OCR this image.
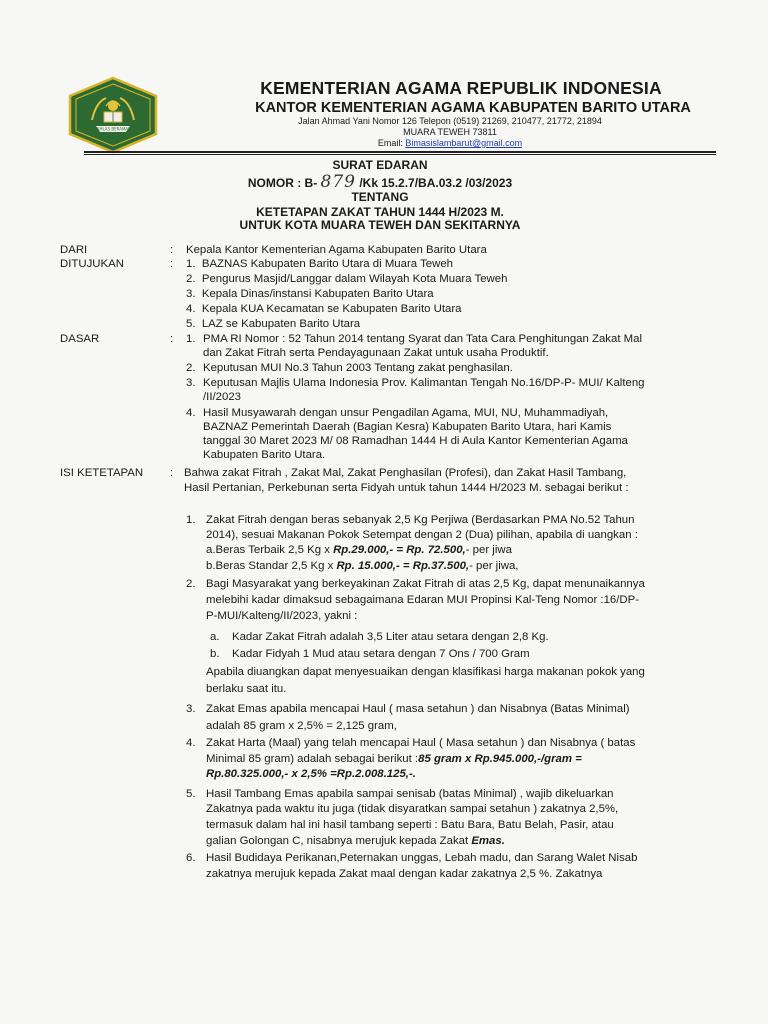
IKHLAS BERAMAL
KEMENTERIAN AGAMA REPUBLIK INDONESIA
KANTOR KEMENTERIAN AGAMA KABUPATEN BARITO UTARA
Jalan Ahmad Yani Nomor 126 Telepon (0519) 21269, 210477, 21772, 21894
MUARA TEWEH 73811
Email: Bimasislambarut@gmail.com
SURAT EDARAN
NOMOR : B- 879 /Kk 15.2.7/BA.03.2 /03/2023
TENTANG
KETETAPAN ZAKAT TAHUN 1444 H/2023 M.
UNTUK KOTA MUARA TEWEH DAN SEKITARNYA
DARI	: Kepala Kantor Kementerian Agama Kabupaten Barito Utara
DITUJUKAN	: 1. BAZNAS Kabupaten Barito Utara di Muara Teweh
2. Pengurus Masjid/Langgar dalam Wilayah Kota Muara Teweh
3. Kepala Dinas/instansi Kabupaten Barito Utara
4. Kepala KUA Kecamatan se Kabupaten Barito Utara
5. LAZ se Kabupaten Barito Utara
DASAR	: 1. PMA RI Nomor : 52 Tahun 2014 tentang Syarat dan Tata Cara Penghitungan Zakat Mal
dan Zakat Fitrah serta Pendayagunaan Zakat untuk usaha Produktif.
2. Keputusan MUI No.3 Tahun 2003 Tentang zakat penghasilan.
3. Keputusan Majlis Ulama Indonesia Prov. Kalimantan Tengah No.16/DP-P- MUI/ Kalteng
/II/2023
4. Hasil Musyawarah dengan unsur Pengadilan Agama, MUI, NU, Muhammadiyah,
BAZNAZ Pemerintah Daerah (Bagian Kesra) Kabupaten Barito Utara, hari Kamis
tanggal 30 Maret 2023 M/ 08 Ramadhan 1444 H di Aula Kantor Kementerian Agama
Kabupaten Barito Utara.
ISI KETETAPAN : Bahwa zakat Fitrah , Zakat Mal, Zakat Penghasilan (Profesi), dan Zakat Hasil Tambang,
Hasil Pertanian, Perkebunan serta Fidyah untuk tahun 1444 H/2023 M. sebagai berikut :
1. Zakat Fitrah dengan beras sebanyak 2,5 Kg Perjiwa (Berdasarkan PMA No.52 Tahun
2014), sesuai Makanan Pokok Setempat dengan 2 (Dua) pilihan, apabila di uangkan :
a.Beras Terbaik 2,5 Kg x Rp.29.000,- = Rp. 72.500,- per jiwa
b.Beras Standar 2,5 Kg x Rp. 15.000,- = Rp.37.500,- per jiwa,
2. Bagi Masyarakat yang berkeyakinan Zakat Fitrah di atas 2,5 Kg, dapat menunaikannya
melebihi kadar dimaksud sebagaimana Edaran MUI Propinsi Kal-Teng Nomor :16/DP-
P-MUI/Kalteng/II/2023, yakni :
a. Kadar Zakat Fitrah adalah 3,5 Liter atau setara dengan 2,8 Kg.
b. Kadar Fidyah 1 Mud atau setara dengan 7 Ons / 700 Gram
Apabila diuangkan dapat menyesuaikan dengan klasifikasi harga makanan pokok yang
berlaku saat itu.
3. Zakat Emas apabila mencapai Haul ( masa setahun ) dan Nisabnya (Batas Minimal)
adalah 85 gram x 2,5% = 2,125 gram,
4. Zakat Harta (Maal) yang telah mencapai Haul ( Masa setahun ) dan Nisabnya ( batas
Minimal 85 gram) adalah sebagai berikut :85 gram x Rp.945.000,-/gram =
Rp.80.325.000,- x 2,5% =Rp.2.008.125,-.
5. Hasil Tambang Emas apabila sampai senisab (batas Minimal) , wajib dikeluarkan
Zakatnya pada waktu itu juga (tidak disyaratkan sampai setahun ) zakatnya 2,5%,
termasuk dalam hal ini hasil tambang seperti : Batu Bara, Batu Belah, Pasir, atau
galian Golongan C, nisabnya merujuk kepada Zakat Emas.
6. Hasil Budidaya Perikanan,Peternakan unggas, Lebah madu, dan Sarang Walet Nisab
zakatnya merujuk kepada Zakat maal dengan kadar zakatnya 2,5 %. Zakatnya
